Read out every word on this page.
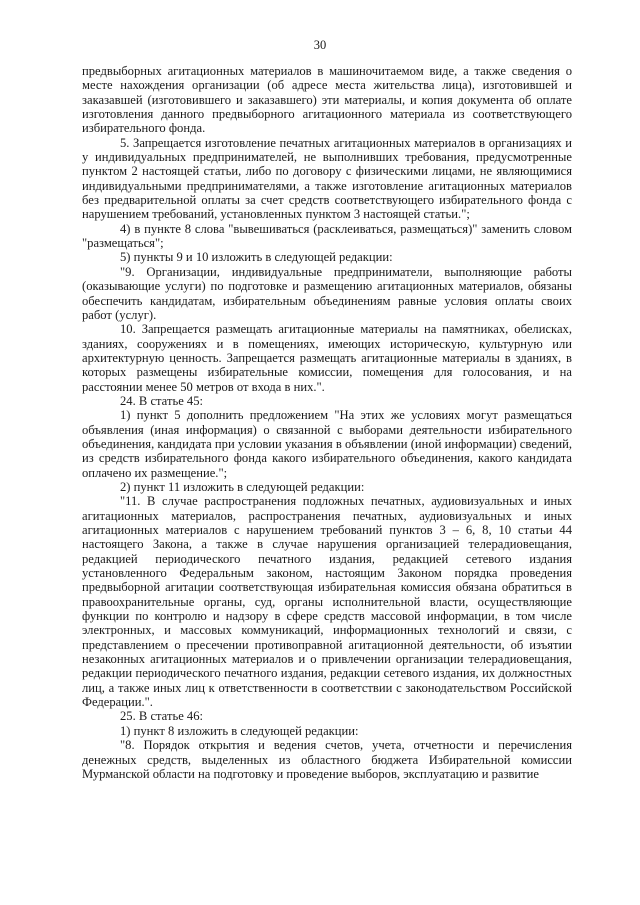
30

предвыборных агитационных материалов в машиночитаемом виде, а также сведения о месте нахождения организации (об адресе места жительства лица), изготовившей и заказавшей (изготовившего и заказавшего) эти материалы, и копия документа об оплате изготовления данного предвыборного агитационного материала из соответствующего избирательного фонда.

5. Запрещается изготовление печатных агитационных материалов в организациях и у индивидуальных предпринимателей, не выполнивших требования, предусмотренные пунктом 2 настоящей статьи, либо по договору с физическими лицами, не являющимися индивидуальными предпринимателями, а также изготовление агитационных материалов без предварительной оплаты за счет средств соответствующего избирательного фонда с нарушением требований, установленных пунктом 3 настоящей статьи.";

4) в пункте 8 слова "вывешиваться (расклеиваться, размещаться)" заменить словом "размещаться";

5) пункты 9 и 10 изложить в следующей редакции:

"9. Организации, индивидуальные предприниматели, выполняющие работы (оказывающие услуги) по подготовке и размещению агитационных материалов, обязаны обеспечить кандидатам, избирательным объединениям равные условия оплаты своих работ (услуг).

10. Запрещается размещать агитационные материалы на памятниках, обелисках, зданиях, сооружениях и в помещениях, имеющих историческую, культурную или архитектурную ценность. Запрещается размещать агитационные материалы в зданиях, в которых размещены избирательные комиссии, помещения для голосования, и на расстоянии менее 50 метров от входа в них.".

24. В статье 45:

1) пункт 5 дополнить предложением "На этих же условиях могут размещаться объявления (иная информация) о связанной с выборами деятельности избирательного объединения, кандидата при условии указания в объявлении (иной информации) сведений, из средств избирательного фонда какого избирательного объединения, какого кандидата оплачено их размещение.";

2) пункт 11 изложить в следующей редакции:

"11. В случае распространения подложных печатных, аудиовизуальных и иных агитационных материалов, распространения печатных, аудиовизуальных и иных агитационных материалов с нарушением требований пунктов 3 – 6, 8, 10 статьи 44 настоящего Закона, а также в случае нарушения организацией телерадиовещания, редакцией периодического печатного издания, редакцией сетевого издания установленного Федеральным законом, настоящим Законом порядка проведения предвыборной агитации соответствующая избирательная комиссия обязана обратиться в правоохранительные органы, суд, органы исполнительной власти, осуществляющие функции по контролю и надзору в сфере средств массовой информации, в том числе электронных, и массовых коммуникаций, информационных технологий и связи, с представлением о пресечении противоправной агитационной деятельности, об изъятии незаконных агитационных материалов и о привлечении организации телерадиовещания, редакции периодического печатного издания, редакции сетевого издания, их должностных лиц, а также иных лиц к ответственности в соответствии с законодательством Российской Федерации.".

25. В статье 46:

1) пункт 8 изложить в следующей редакции:

"8. Порядок открытия и ведения счетов, учета, отчетности и перечисления денежных средств, выделенных из областного бюджета Избирательной комиссии Мурманской области на подготовку и проведение выборов, эксплуатацию и развитие
